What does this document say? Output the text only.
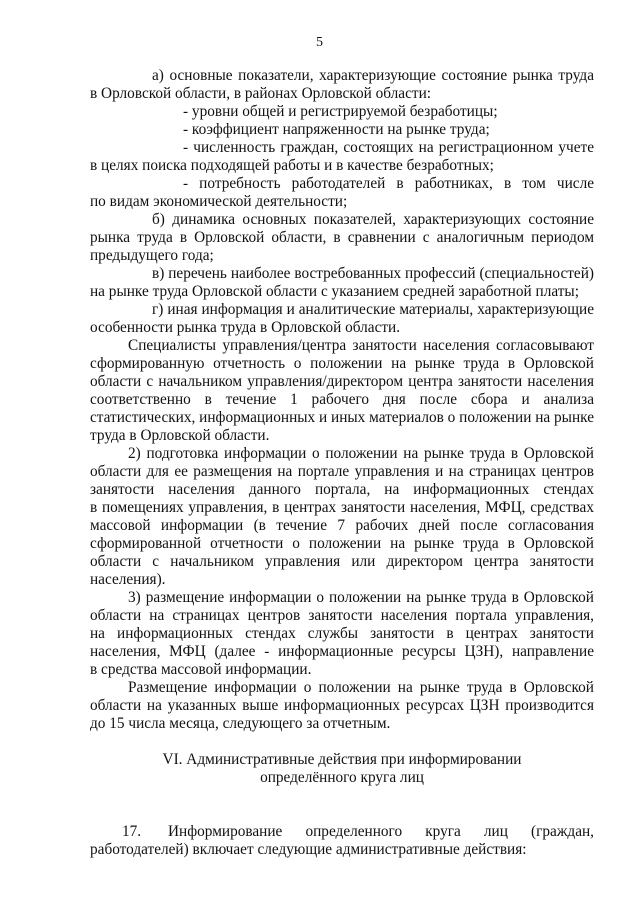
5
а) основные показатели, характеризующие состояние рынка труда
в Орловской области, в районах Орловской области:
- уровни общей и регистрируемой безработицы;
- коэффициент напряженности на рынке труда;
- численность граждан, состоящих на регистрационном учете
в целях поиска подходящей работы и в качестве безработных;
- потребность работодателей в работниках, в том числе
по видам экономической деятельности;
б) динамика основных показателей, характеризующих состояние
рынка труда в Орловской области, в сравнении с аналогичным периодом
предыдущего года;
в) перечень наиболее востребованных профессий (специальностей)
на рынке труда Орловской области с указанием средней заработной платы;
г) иная информация и аналитические материалы, характеризующие
особенности рынка труда в Орловской области.
Специалисты управления/центра занятости населения согласовывают
сформированную отчетность о положении на рынке труда в Орловской
области с начальником управления/директором центра занятости населения
соответственно в течение 1 рабочего дня после сбора и анализа
статистических, информационных и иных материалов о положении на рынке
труда в Орловской области.
2) подготовка информации о положении на рынке труда в Орловской
области для ее размещения на портале управления и на страницах центров
занятости населения данного портала, на информационных стендах
в помещениях управления, в центрах занятости населения, МФЦ, средствах
массовой информации (в течение 7 рабочих дней после согласования
сформированной отчетности о положении на рынке труда в Орловской
области с начальником управления или директором центра занятости
населения).
3) размещение информации о положении на рынке труда в Орловской
области на страницах центров занятости населения портала управления,
на информационных стендах службы занятости в центрах занятости
населения, МФЦ (далее - информационные ресурсы ЦЗН), направление
в средства массовой информации.
Размещение информации о положении на рынке труда в Орловской
области на указанных выше информационных ресурсах ЦЗН производится
до 15 числа месяца, следующего за отчетным.
VI. Административные действия при информировании
определённого круга лиц
17. Информирование определенного круга лиц (граждан,
работодателей) включает следующие административные действия:
